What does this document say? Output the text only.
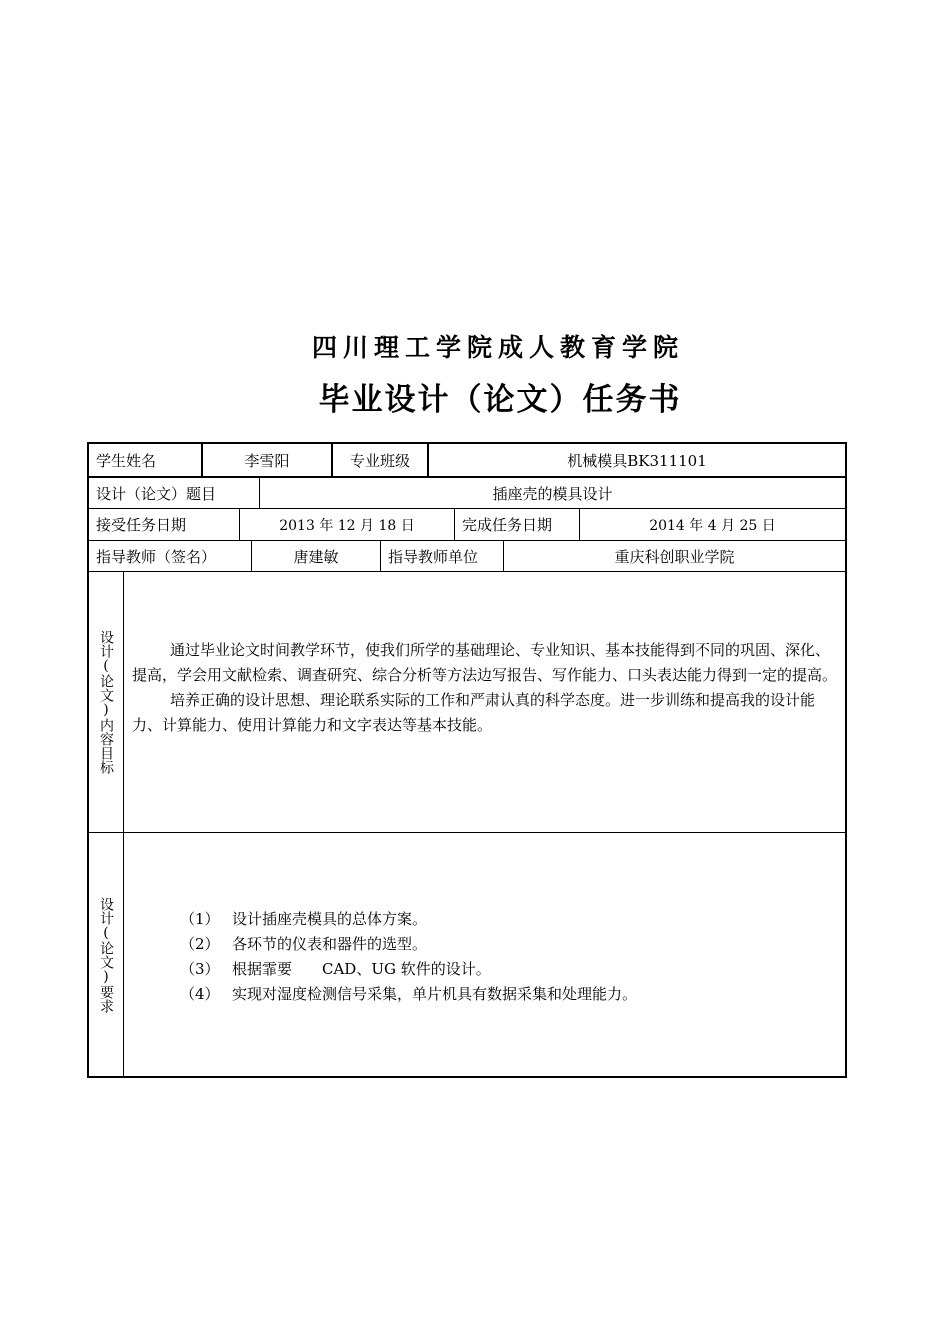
四川理工学院成人教育学院
毕业设计（论文）任务书
学生姓名	李雪阳	专业班级	机械模具BK311101
设计（论文）题目	插座壳的模具设计
接受任务日期	2013 年 12 月 18 日	完成任务日期	2014 年 4 月 25 日
指导教师（签名）	唐建敏	指导教师单位	重庆科创职业学院
设计(论文)内容目标	通过毕业论文时间教学环节，使我们所学的基础理论、专业知识、基本技能得到不同的巩固、深化、提高，学会用文献检索、调查研究、综合分析等方法边写报告、写作能力、口头表达能力得到一定的提高。

培养正确的设计思想、理论联系实际的工作和严肃认真的科学态度。进一步训练和提高我的设计能力、计算能力、使用计算能力和文字表达等基本技能。

设计(论文)要求	（1） 设计插座壳模具的总体方案。
（2） 各环节的仪表和器件的选型。
（3） 根据霏要　　CAD、UG 软件的设计。
（4） 实现对湿度检测信号采集，单片机具有数据采集和处理能力。
